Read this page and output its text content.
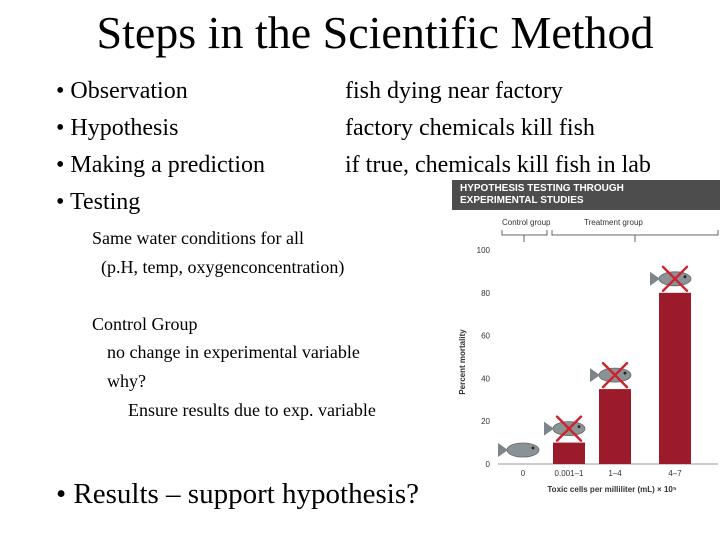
Steps in the Scientific Method
• Observation
• Hypothesis
• Making a prediction
• Testing
fish dying near factory
factory chemicals kill fish
if true, chemicals kill fish in lab
Same water conditions for all
(p.H, temp, oxygenconcentration)
Control Group
no change in experimental variable
why?
Ensure results due to exp. variable
• Results – support hypothesis?
HYPOTHESIS TESTING THROUGH
EXPERIMENTAL STUDIES
Control group	Treatment group
Percent mortality
Toxic cells per milliliter (mL) × 10⁵
0
20
40
60
80
100
0	0.001–1	1–4	4–7
